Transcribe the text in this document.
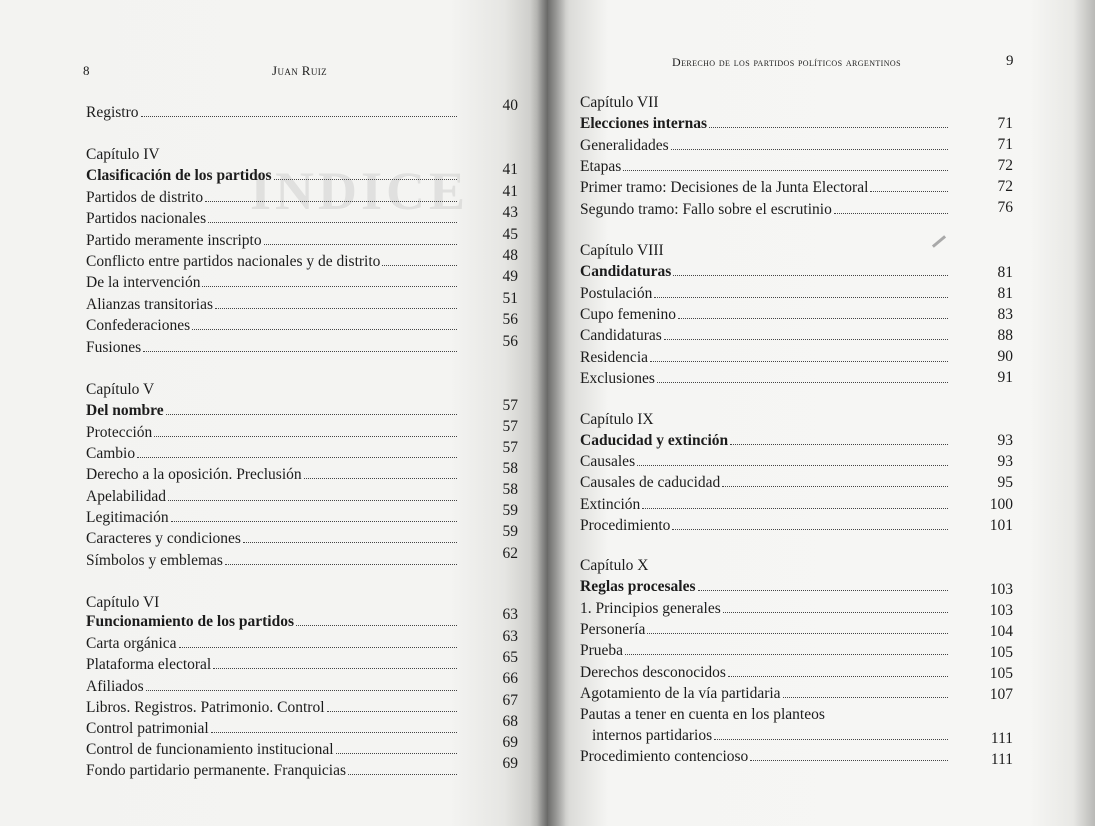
8	Juan Ruiz
INDICE
40
Registro
Capítulo IV
41
Clasificación de los partidos
41
Partidos de distrito
43
Partidos nacionales
45
Partido meramente inscripto
48
Conflicto entre partidos nacionales y de distrito
49
De la intervención
51
Alianzas transitorias
56
Confederaciones
56
Fusiones
Capítulo V
57
Del nombre
57
Protección
57
Cambio
58
Derecho a la oposición. Preclusión
58
Apelabilidad
59
Legitimación
59
Caracteres y condiciones
62
Símbolos y emblemas
Capítulo VI
63
Funcionamiento de los partidos
63
Carta orgánica
65
Plataforma electoral
66
Afiliados
67
Libros. Registros. Patrimonio. Control
68
Control patrimonial
69
Control de funcionamiento institucional
69
Fondo partidario permanente. Franquicias
Derecho de los partidos políticos argentinos	9
Capítulo VII
71
Elecciones internas
71
Generalidades
72
Etapas
72
Primer tramo: Decisiones de la Junta Electoral
76
Segundo tramo: Fallo sobre el escrutinio
Capítulo VIII
81
Candidaturas
81
Postulación
83
Cupo femenino
88
Candidaturas
90
Residencia
91
Exclusiones
Capítulo IX
93
Caducidad y extinción
93
Causales
95
Causales de caducidad
100
Extinción
101
Procedimiento
Capítulo X
103
Reglas procesales
103
1. Principios generales
104
Personería
105
Prueba
105
Derechos desconocidos
107
Agotamiento de la vía partidaria
Pautas a tener en cuenta en los planteos
111
internos partidarios
111
Procedimiento contencioso
